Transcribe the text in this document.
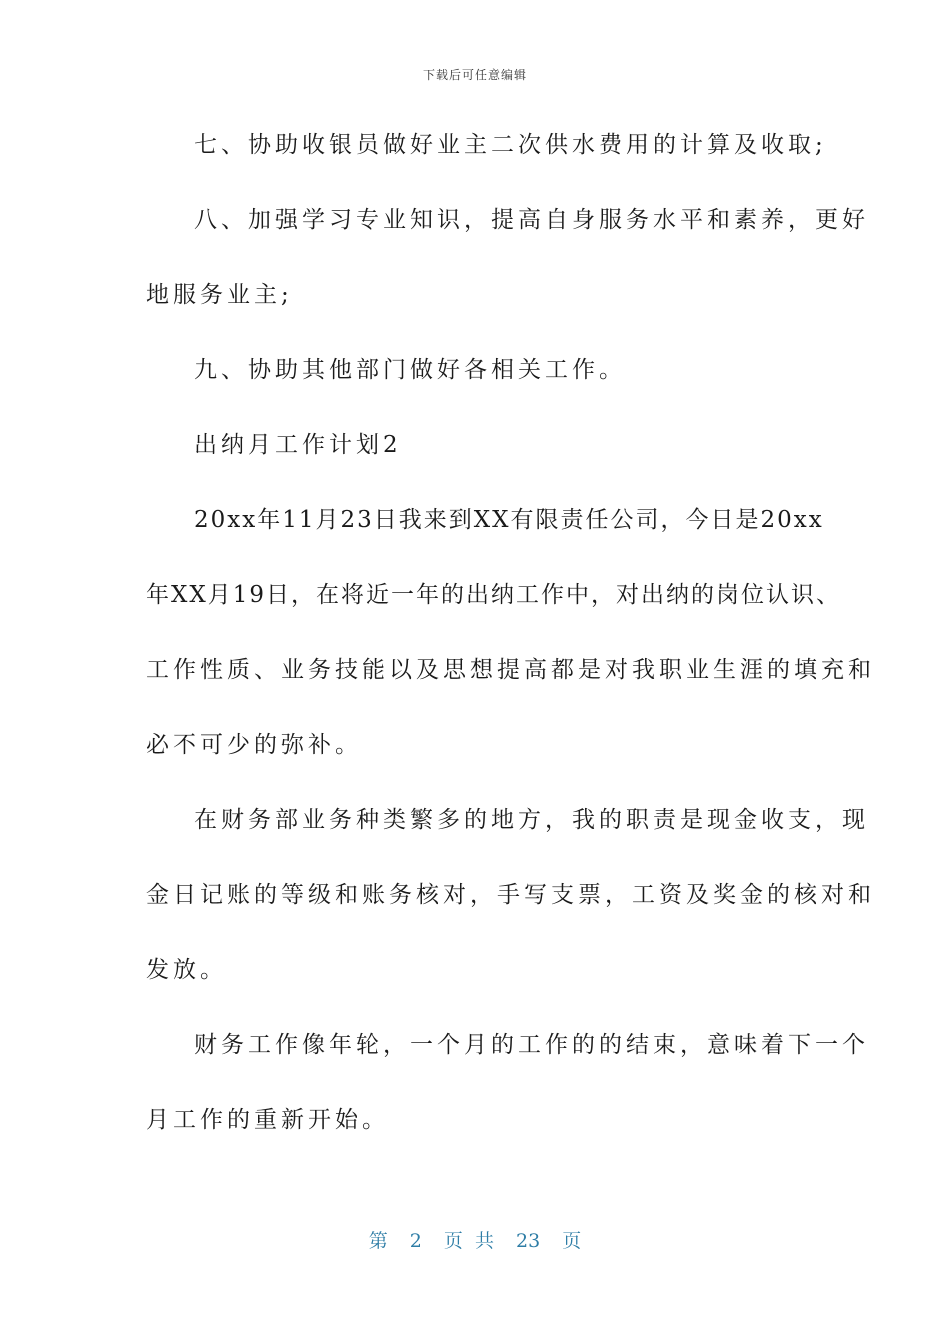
下载后可任意编辑
七、协助收银员做好业主二次供水费用的计算及收取;
八、加强学习专业知识，提高自身服务水平和素养，更好
地服务业主;
九、协助其他部门做好各相关工作。
出纳月工作计划2
20xx年11月23日我来到XX有限责任公司，今日是20xx
年XX月19日，在将近一年的出纳工作中，对出纳的岗位认识、
工作性质、业务技能以及思想提高都是对我职业生涯的填充和
必不可少的弥补。
在财务部业务种类繁多的地方，我的职责是现金收支，现
金日记账的等级和账务核对，手写支票，工资及奖金的核对和
发放。
财务工作像年轮，一个月的工作的的结束，意味着下一个
月工作的重新开始。
第 2 页 共 23 页
